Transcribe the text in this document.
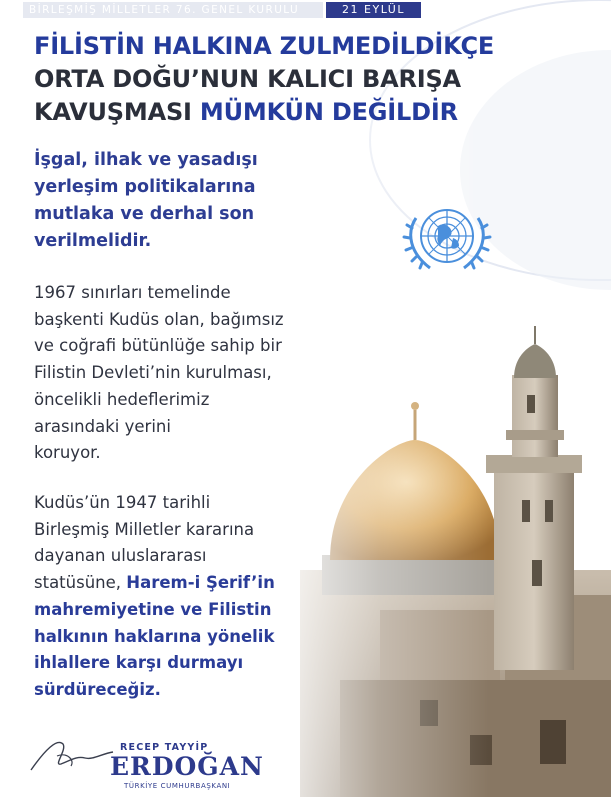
BİRLEŞMİŞ MİLLETLER 76. GENEL KURULU	21 EYLÜL 2021
FİLİSTİN HALKINA ZULMEDİLDİKÇE
ORTA DOĞU’NUN KALICI BARIŞA
KAVUŞMASI MÜMKÜN DEĞİLDİR
İşgal, ilhak ve yasadışı
yerleşim politikalarına
mutlaka ve derhal son
verilmelidir.
1967 sınırları temelinde
başkenti Kudüs olan, bağımsız
ve coğrafi bütünlüğe sahip bir
Filistin Devleti’nin kurulması,
öncelikli hedeflerimiz
arasındaki yerini
koruyor.
Kudüs’ün 1947 tarihli
Birleşmiş Milletler kararına
dayanan uluslararası
statüsüne, Harem-i Şerif’in
mahremiyetine ve Filistin
halkının haklarına yönelik
ihlallere karşı durmayı
sürdüreceğiz.
RECEP TAYYİP
ERDOĞAN
TÜRKİYE CUMHURBAŞKANI
